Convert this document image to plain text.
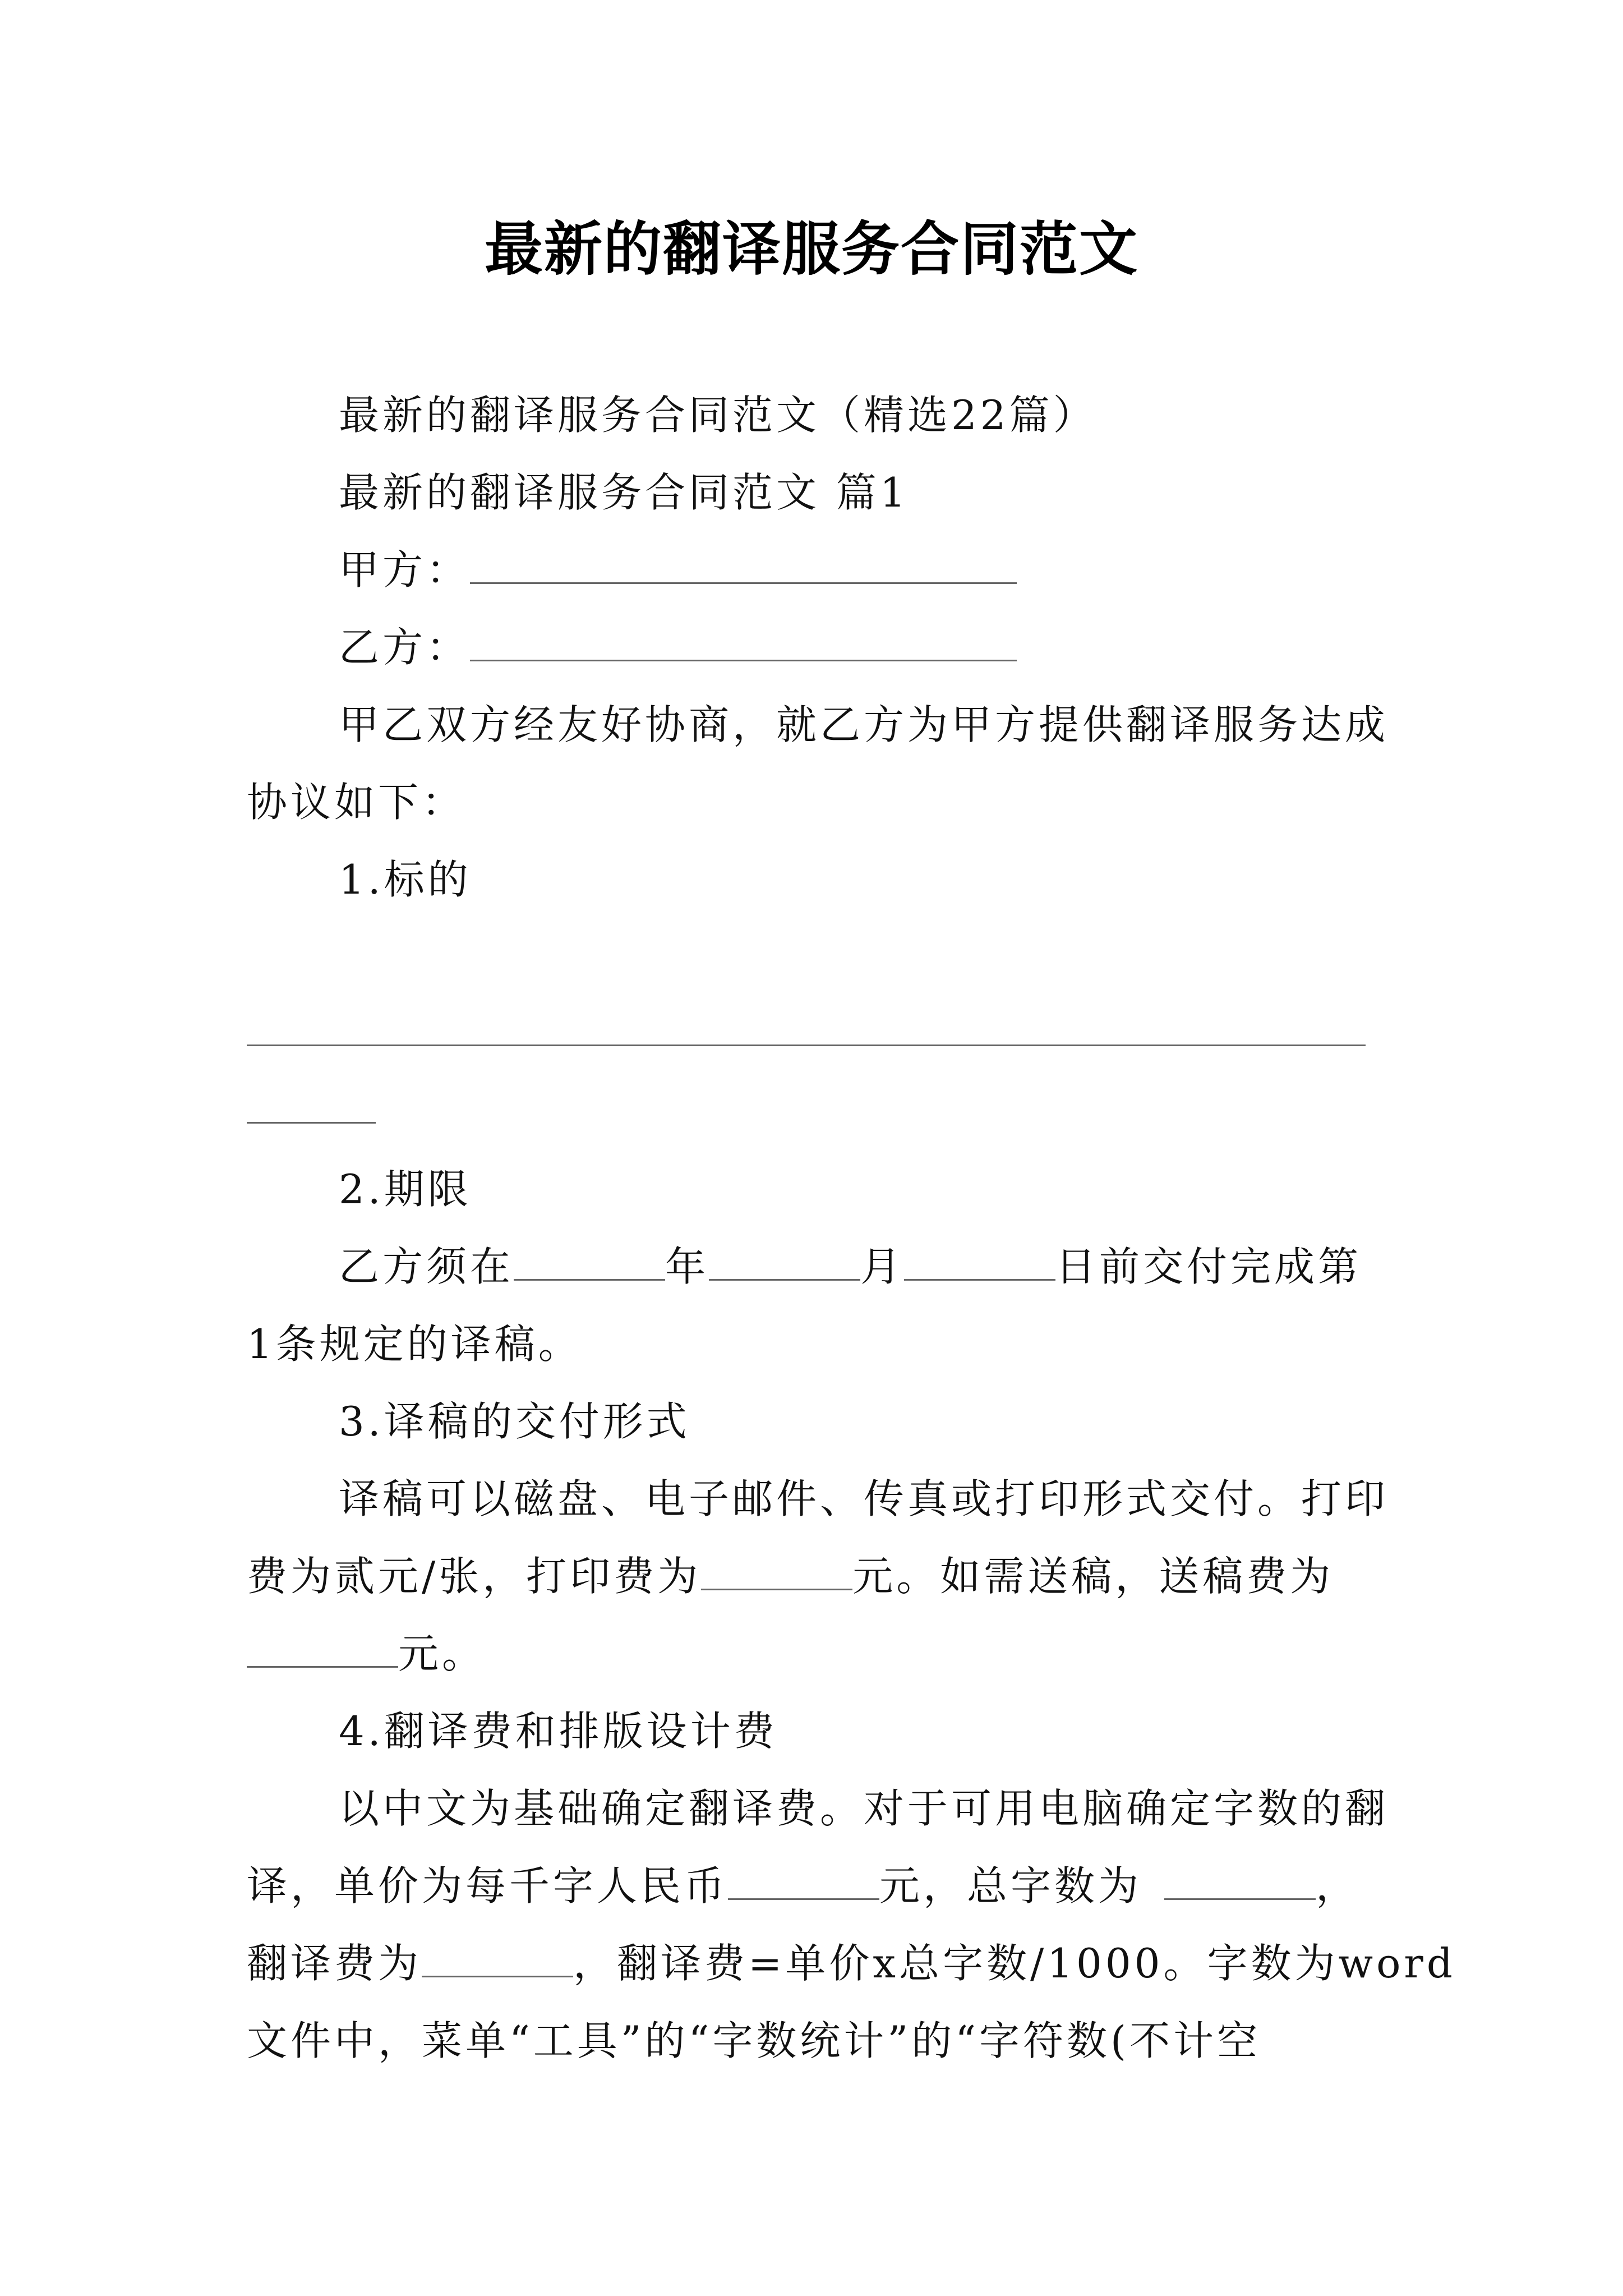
最新的翻译服务合同范文
最新的翻译服务合同范文（精选22篇）
最新的翻译服务合同范文 篇1
甲方：
乙方：
甲乙双方经友好协商，就乙方为甲方提供翻译服务达成
协议如下：
1.标的
2.期限
乙方须在	年	月	日前交付完成第
1条规定的译稿。
3.译稿的交付形式
译稿可以磁盘、电子邮件、传真或打印形式交付。打印
费为贰元/张，打印费为	元。如需送稿，送稿费为
元。
4.翻译费和排版设计费
以中文为基础确定翻译费。对于可用电脑确定字数的翻
译，单价为每千字人民币	元，总字数为	，
翻译费为	，翻译费=单价x总字数/1000。字数为word
文件中，菜单“工具”的“字数统计”的“字符数(不计空
